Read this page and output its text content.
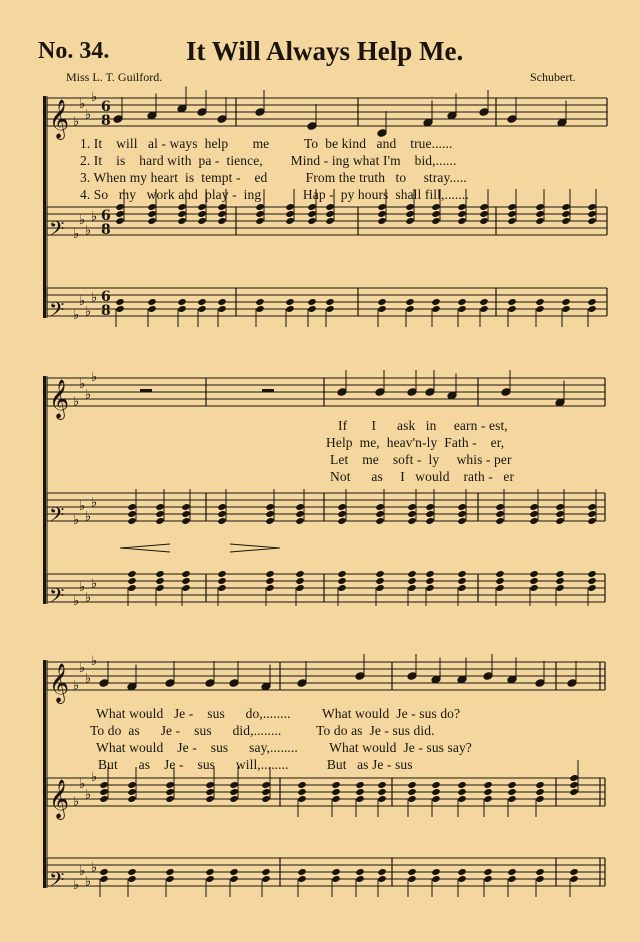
No. 34.	It Will Always Help Me.
Miss L. T. Guilford.	Schubert.
𝄞 ♭
♭
♭
♭
6
8
𝄢 ♭
♭
♭
♭ 6
8
𝄢 ♭
♭
♭
♭ 6
8
𝄞 ♭
♭
♭
♭
𝄢 ♭
♭
♭
♭
𝄢 ♭
♭
♭
♭
𝄞 ♭
♭
♭
♭
𝄞 ♭
♭
♭
♭
𝄢 ♭
♭
♭
♭
1. It will al - ways help me	To be kind and true......
2. It is hard with pa - tience, Mind - ing what I'm bid,......
3. When my heart is tempt - ed	From the truth to stray.....
4. So my work and play - ing	Hap - py hours shall fill,.......
If I ask in earn - est,
Help me, heav'n-ly Fath - er,
Let me soft - ly whis - per
Not as I would rath - er
What would Je - sus do,........ What would Je - sus do?
To do as Je - sus did,........	To do as Je - sus did.
What would Je - sus say,........ What would Je - sus say?
But as Je - sus will,........	But as Je - sus
